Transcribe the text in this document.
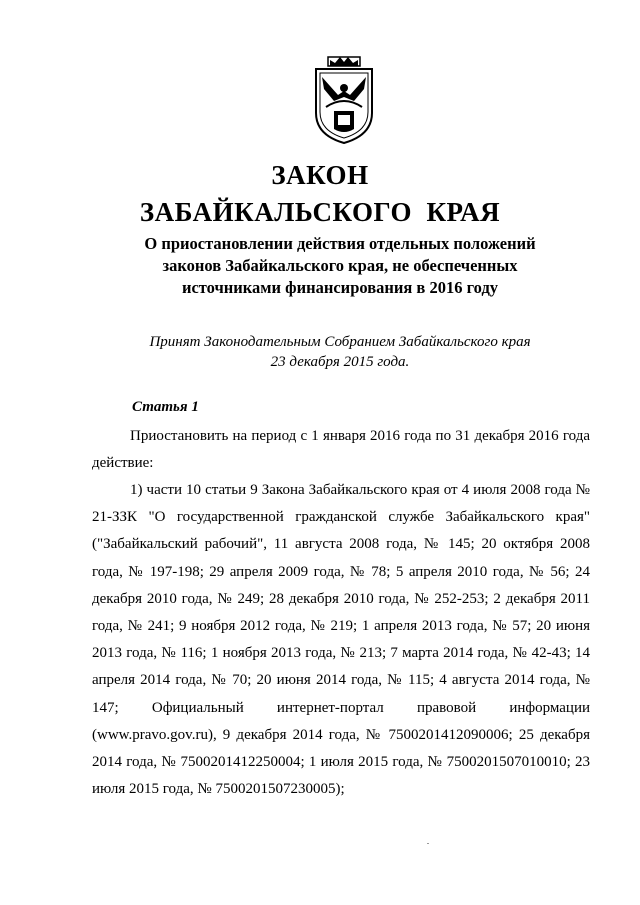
ЗАКОН
ЗАБАЙКАЛЬСКОГО  КРАЯ
О приостановлении действия отдельных положений
законов Забайкальского края, не обеспеченных
источниками финансирования в 2016 году
Принят Законодательным Собранием Забайкальского края
23 декабря 2015 года.
Статья 1

Приостановить на период с 1 января 2016 года по 31 декабря 2016 года действие:

1) части 10 статьи 9 Закона Забайкальского края от 4 июля 2008 года № 21-ЗЗК "О государственной гражданской службе Забайкальского края" ("Забайкальский рабочий", 11 августа 2008 года, № 145; 20 октября 2008 года, № 197-198; 29 апреля 2009 года, № 78; 5 апреля 2010 года, № 56; 24 декабря 2010 года, № 249; 28 декабря 2010 года, № 252-253; 2 декабря 2011 года, № 241; 9 ноября 2012 года, № 219; 1 апреля 2013 года, № 57; 20 июня 2013 года, № 116; 1 ноября 2013 года, № 213; 7 марта 2014 года, № 42-43; 14 апреля 2014 года, № 70; 20 июня 2014 года, № 115; 4 августа 2014 года, № 147; Официальный интернет-портал правовой информации (www.pravo.gov.ru), 9 декабря 2014 года, № 7500201412090006; 25 декабря 2014 года, № 7500201412250004; 1 июля 2015 года, № 7500201507010010; 23 июля 2015 года, № 7500201507230005);
